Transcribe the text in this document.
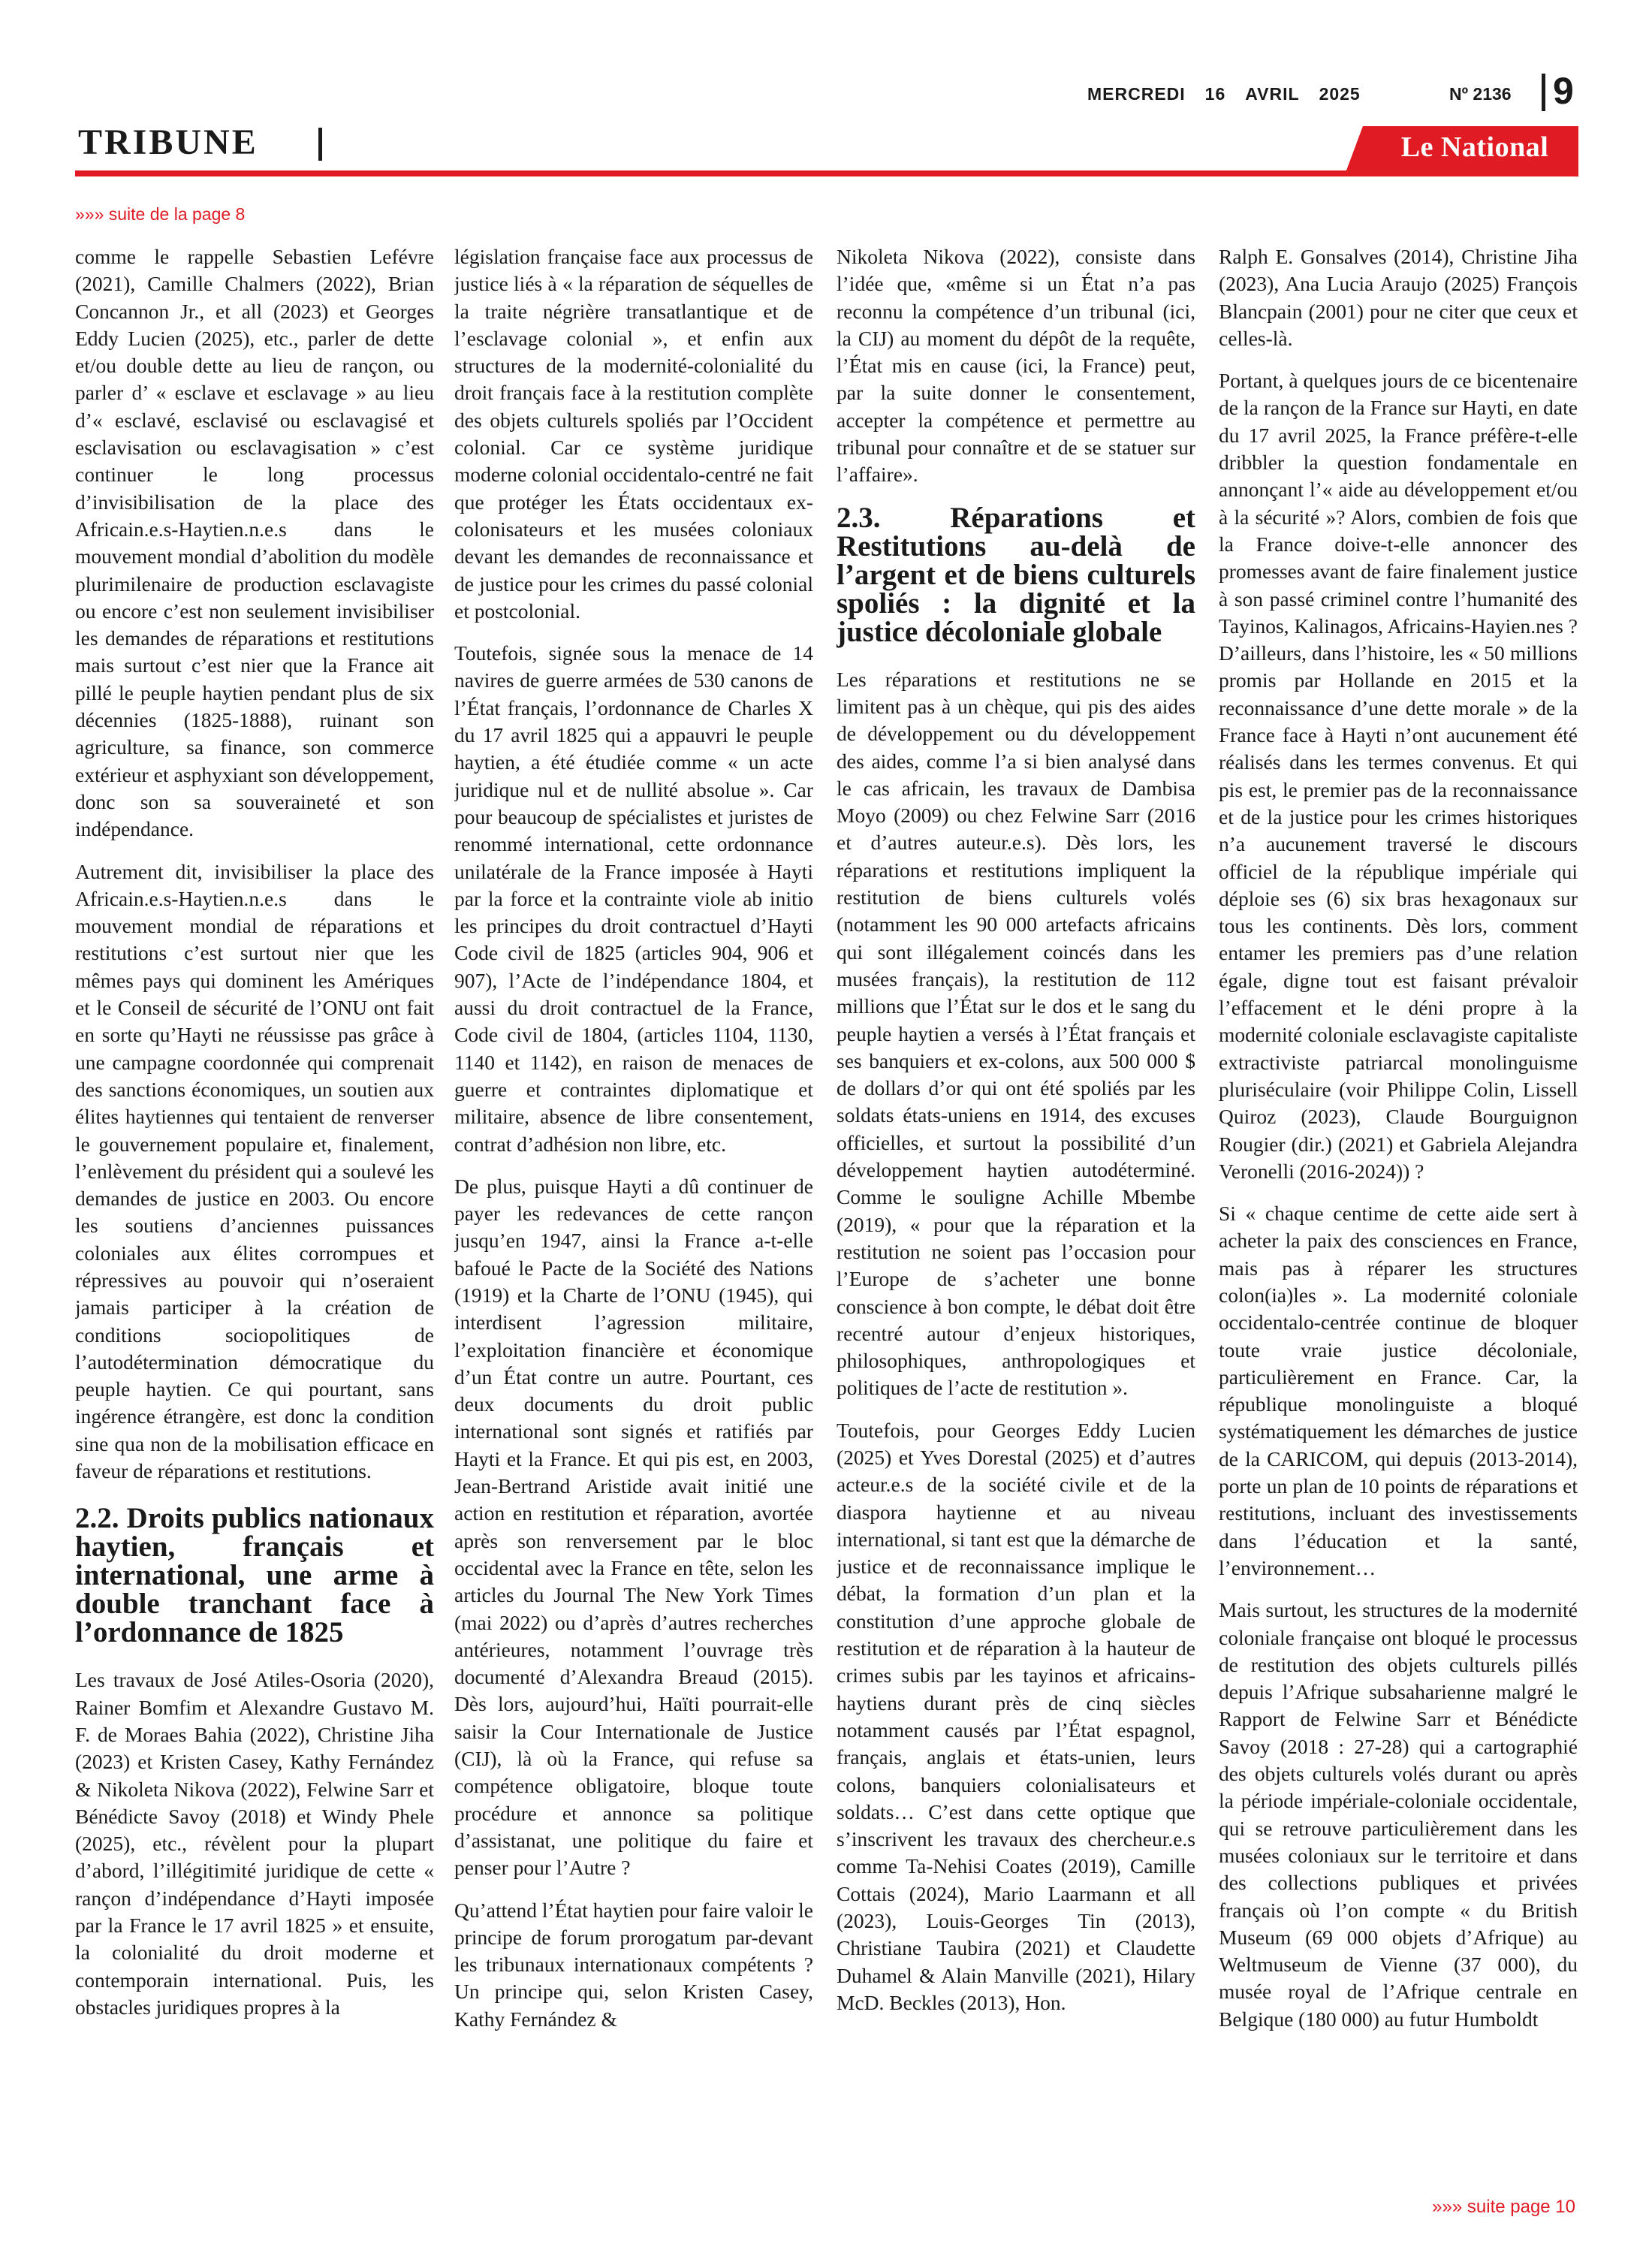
MERCREDI 16 AVRIL 2025	Nº 2136 9
TRIBUNE	Le National
»»» suite de la page 8

comme le rappelle Sebastien Lefévre (2021), Camille Chalmers (2022), Brian Concannon Jr., et all (2023) et Georges Eddy Lucien (2025), etc., parler de dette et/ou double dette au lieu de rançon, ou parler d’ « esclave et esclavage » au lieu d’« esclavé, esclavisé ou esclavagisé et esclavisation ou esclavagisation » c’est continuer le long processus d’invisibilisation de la place des Africain.e.s-Haytien.n.e.s dans le mouvement mondial d’abolition du modèle plurimilenaire de production esclavagiste ou encore c’est non seulement invisibiliser les demandes de réparations et restitutions mais surtout c’est nier que la France ait pillé le peuple haytien pendant plus de six décennies (1825-1888), ruinant son agriculture, sa finance, son commerce extérieur et asphyxiant son développement, donc son sa souveraineté et son indépendance.

Autrement dit, invisibiliser la place des Africain.e.s-Haytien.n.e.s dans le mouvement mondial de réparations et restitutions c’est surtout nier que les mêmes pays qui dominent les Amériques et le Conseil de sécurité de l’ONU ont fait en sorte qu’Hayti ne réussisse pas grâce à une campagne coordonnée qui comprenait des sanctions économiques, un soutien aux élites haytiennes qui tentaient de renverser le gouvernement populaire et, finalement, l’enlèvement du président qui a soulevé les demandes de justice en 2003. Ou encore les soutiens d’anciennes puissances coloniales aux élites corrompues et répressives au pouvoir qui n’oseraient jamais participer à la création de conditions sociopolitiques de l’autodétermination démocratique du peuple haytien. Ce qui pourtant, sans ingérence étrangère, est donc la condition sine qua non de la mobilisation efficace en faveur de réparations et restitutions.

2.2. Droits publics nationaux haytien, français et international, une arme à double tranchant face à l’ordonnance de 1825

Les travaux de José Atiles-Osoria (2020), Rainer Bomfim et Alexandre Gustavo M. F. de Moraes Bahia (2022), Christine Jiha (2023) et Kristen Casey, Kathy Fernández & Nikoleta Nikova (2022), Felwine Sarr et Bénédicte Savoy (2018) et Windy Phele (2025), etc., révèlent pour la plupart d’abord, l’illégitimité juridique de cette « rançon d’indépendance d’Hayti imposée par la France le 17 avril 1825 » et ensuite, la colonialité du droit moderne et contemporain international. Puis, les obstacles juridiques propres à la

législation française face aux processus de justice liés à « la réparation de séquelles de la traite négrière transatlantique et de l’esclavage colonial », et enfin aux structures de la modernité-colonialité du droit français face à la restitution complète des objets culturels spoliés par l’Occident colonial. Car ce système juridique moderne colonial occidentalo-centré ne fait que protéger les États occidentaux ex-colonisateurs et les musées coloniaux devant les demandes de reconnaissance et de justice pour les crimes du passé colonial et postcolonial.

Toutefois, signée sous la menace de 14 navires de guerre armées de 530 canons de l’État français, l’ordonnance de Charles X du 17 avril 1825 qui a appauvri le peuple haytien, a été étudiée comme « un acte juridique nul et de nullité absolue ». Car pour beaucoup de spécialistes et juristes de renommé international, cette ordonnance unilatérale de la France imposée à Hayti par la force et la contrainte viole ab initio les principes du droit contractuel d’Hayti Code civil de 1825 (articles 904, 906 et 907), l’Acte de l’indépendance 1804, et aussi du droit contractuel de la France, Code civil de 1804, (articles 1104, 1130, 1140 et 1142), en raison de menaces de guerre et contraintes diplomatique et militaire, absence de libre consentement, contrat d’adhésion non libre, etc.

De plus, puisque Hayti a dû continuer de payer les redevances de cette rançon jusqu’en 1947, ainsi la France a-t-elle bafoué le Pacte de la Société des Nations (1919) et la Charte de l’ONU (1945), qui interdisent l’agression militaire, l’exploitation financière et économique d’un État contre un autre. Pourtant, ces deux documents du droit public international sont signés et ratifiés par Hayti et la France. Et qui pis est, en 2003, Jean-Bertrand Aristide avait initié une action en restitution et réparation, avortée après son renversement par le bloc occidental avec la France en tête, selon les articles du Journal The New York Times (mai 2022) ou d’après d’autres recherches antérieures, notamment l’ouvrage très documenté d’Alexandra Breaud (2015). Dès lors, aujourd’hui, Haïti pourrait-elle saisir la Cour Internationale de Justice (CIJ), là où la France, qui refuse sa compétence obligatoire, bloque toute procédure et annonce sa politique d’assistanat, une politique du faire et penser pour l’Autre ?

Qu’attend l’État haytien pour faire valoir le principe de forum prorogatum par-devant les tribunaux internationaux compétents ? Un principe qui, selon Kristen Casey, Kathy Fernández &

Nikoleta Nikova (2022), consiste dans l’idée que, «même si un État n’a pas reconnu la compétence d’un tribunal (ici, la CIJ) au moment du dépôt de la requête, l’État mis en cause (ici, la France) peut, par la suite donner le consentement, accepter la compétence et permettre au tribunal pour connaître et de se statuer sur l’affaire».

2.3. Réparations et Restitutions au-delà de l’argent et de biens culturels spoliés : la dignité et la justice décoloniale globale

Les réparations et restitutions ne se limitent pas à un chèque, qui pis des aides de développement ou du développement des aides, comme l’a si bien analysé dans le cas africain, les travaux de Dambisa Moyo (2009) ou chez Felwine Sarr (2016 et d’autres auteur.e.s). Dès lors, les réparations et restitutions impliquent la restitution de biens culturels volés (notamment les 90 000 artefacts africains qui sont illégalement coincés dans les musées français), la restitution de 112 millions que l’État sur le dos et le sang du peuple haytien a versés à l’État français et ses banquiers et ex-colons, aux 500 000 $ de dollars d’or qui ont été spoliés par les soldats états-uniens en 1914, des excuses officielles, et surtout la possibilité d’un développement haytien autodéterminé. Comme le souligne Achille Mbembe (2019), « pour que la réparation et la restitution ne soient pas l’occasion pour l’Europe de s’acheter une bonne conscience à bon compte, le débat doit être recentré autour d’enjeux historiques, philosophiques, anthropologiques et politiques de l’acte de restitution ».

Toutefois, pour Georges Eddy Lucien (2025) et Yves Dorestal (2025) et d’autres acteur.e.s de la société civile et de la diaspora haytienne et au niveau international, si tant est que la démarche de justice et de reconnaissance implique le débat, la formation d’un plan et la constitution d’une approche globale de restitution et de réparation à la hauteur de crimes subis par les tayinos et africains-haytiens durant près de cinq siècles notamment causés par l’État espagnol, français, anglais et états-unien, leurs colons, banquiers colonialisateurs et soldats… C’est dans cette optique que s’inscrivent les travaux des chercheur.e.s comme Ta-Nehisi Coates (2019), Camille Cottais (2024), Mario Laarmann et all (2023), Louis-Georges Tin (2013), Christiane Taubira (2021) et Claudette Duhamel & Alain Manville (2021), Hilary McD. Beckles (2013), Hon.

Ralph E. Gonsalves (2014), Christine Jiha (2023), Ana Lucia Araujo (2025) François Blancpain (2001) pour ne citer que ceux et celles-là.

Portant, à quelques jours de ce bicentenaire de la rançon de la France sur Hayti, en date du 17 avril 2025, la France préfère-t-elle dribbler la question fondamentale en annonçant l’« aide au développement et/ou à la sécurité »? Alors, combien de fois que la France doive-t-elle annoncer des promesses avant de faire finalement justice à son passé criminel contre l’humanité des Tayinos, Kalinagos, Africains-Hayien.nes ? D’ailleurs, dans l’histoire, les « 50 millions promis par Hollande en 2015 et la reconnaissance d’une dette morale » de la France face à Hayti n’ont aucunement été réalisés dans les termes convenus. Et qui pis est, le premier pas de la reconnaissance et de la justice pour les crimes historiques n’a aucunement traversé le discours officiel de la république impériale qui déploie ses (6) six bras hexagonaux sur tous les continents. Dès lors, comment entamer les premiers pas d’une relation égale, digne tout est faisant prévaloir l’effacement et le déni propre à la modernité coloniale esclavagiste capitaliste extractiviste patriarcal monolinguisme pluriséculaire (voir Philippe Colin, Lissell Quiroz (2023), Claude Bourguignon Rougier (dir.) (2021) et Gabriela Alejandra Veronelli (2016-2024)) ?

Si « chaque centime de cette aide sert à acheter la paix des consciences en France, mais pas à réparer les structures colon(ia)les ». La modernité coloniale occidentalo-centrée continue de bloquer toute vraie justice décoloniale, particulièrement en France. Car, la république monolinguiste a bloqué systématiquement les démarches de justice de la CARICOM, qui depuis (2013-2014), porte un plan de 10 points de réparations et restitutions, incluant des investissements dans l’éducation et la santé, l’environnement…

Mais surtout, les structures de la modernité coloniale française ont bloqué le processus de restitution des objets culturels pillés depuis l’Afrique subsaharienne malgré le Rapport de Felwine Sarr et Bénédicte Savoy (2018 : 27-28) qui a cartographié des objets culturels volés durant ou après la période impériale-coloniale occidentale, qui se retrouve particulièrement dans les musées coloniaux sur le territoire et dans des collections publiques et privées français où l’on compte « du British Museum (69 000 objets d’Afrique) au Weltmuseum de Vienne (37 000), du musée royal de l’Afrique centrale en Belgique (180 000) au futur Humboldt

»»» suite page 10
